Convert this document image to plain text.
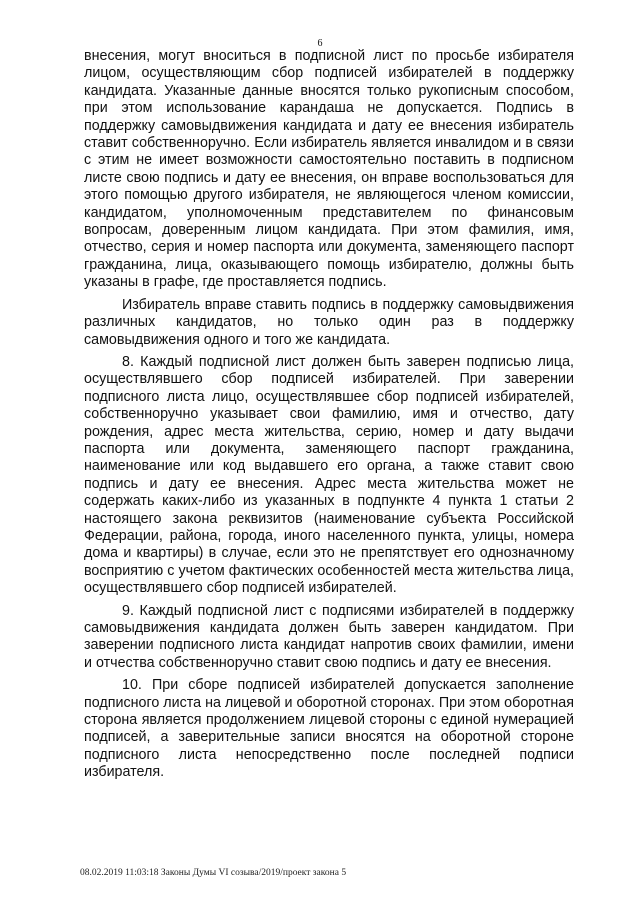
6

внесения, могут вноситься в подписной лист по просьбе избирателя лицом, осуществляющим сбор подписей избирателей в поддержку кандидата. Указанные данные вносятся только рукописным способом, при этом использование карандаша не допускается. Подпись в поддержку самовыдвижения кандидата и дату ее внесения избиратель ставит собственноручно. Если избиратель является инвалидом и в связи с этим не имеет возможности самостоятельно поставить в подписном листе свою подпись и дату ее внесения, он вправе воспользоваться для этого помощью другого избирателя, не являющегося членом комиссии, кандидатом, уполномоченным представителем по финансовым вопросам, доверенным лицом кандидата. При этом фамилия, имя, отчество, серия и номер паспорта или документа, заменяющего паспорт гражданина, лица, оказывающего помощь избирателю, должны быть указаны в графе, где проставляется подпись.

Избиратель вправе ставить подпись в поддержку самовыдвижения различных кандидатов, но только один раз в поддержку самовыдвижения одного и того же кандидата.

8. Каждый подписной лист должен быть заверен подписью лица, осуществлявшего сбор подписей избирателей. При заверении подписного листа лицо, осуществлявшее сбор подписей избирателей, собственноручно указывает свои фамилию, имя и отчество, дату рождения, адрес места жительства, серию, номер и дату выдачи паспорта или документа, заменяющего паспорт гражданина, наименование или код выдавшего его органа, а также ставит свою подпись и дату ее внесения. Адрес места жительства может не содержать каких-либо из указанных в подпункте 4 пункта 1 статьи 2 настоящего закона реквизитов (наименование субъекта Российской Федерации, района, города, иного населенного пункта, улицы, номера дома и квартиры) в случае, если это не препятствует его однозначному восприятию с учетом фактических особенностей места жительства лица, осуществлявшего сбор подписей избирателей.

9. Каждый подписной лист с подписями избирателей в поддержку самовыдвижения кандидата должен быть заверен кандидатом. При заверении подписного листа кандидат напротив своих фамилии, имени и отчества собственноручно ставит свою подпись и дату ее внесения.

10. При сборе подписей избирателей допускается заполнение подписного листа на лицевой и оборотной сторонах. При этом оборотная сторона является продолжением лицевой стороны с единой нумерацией подписей, а заверительные записи вносятся на оборотной стороне подписного листа непосредственно после последней подписи избирателя.

08.02.2019 11:03:18 Законы Думы VI созыва/2019/проект закона 5
